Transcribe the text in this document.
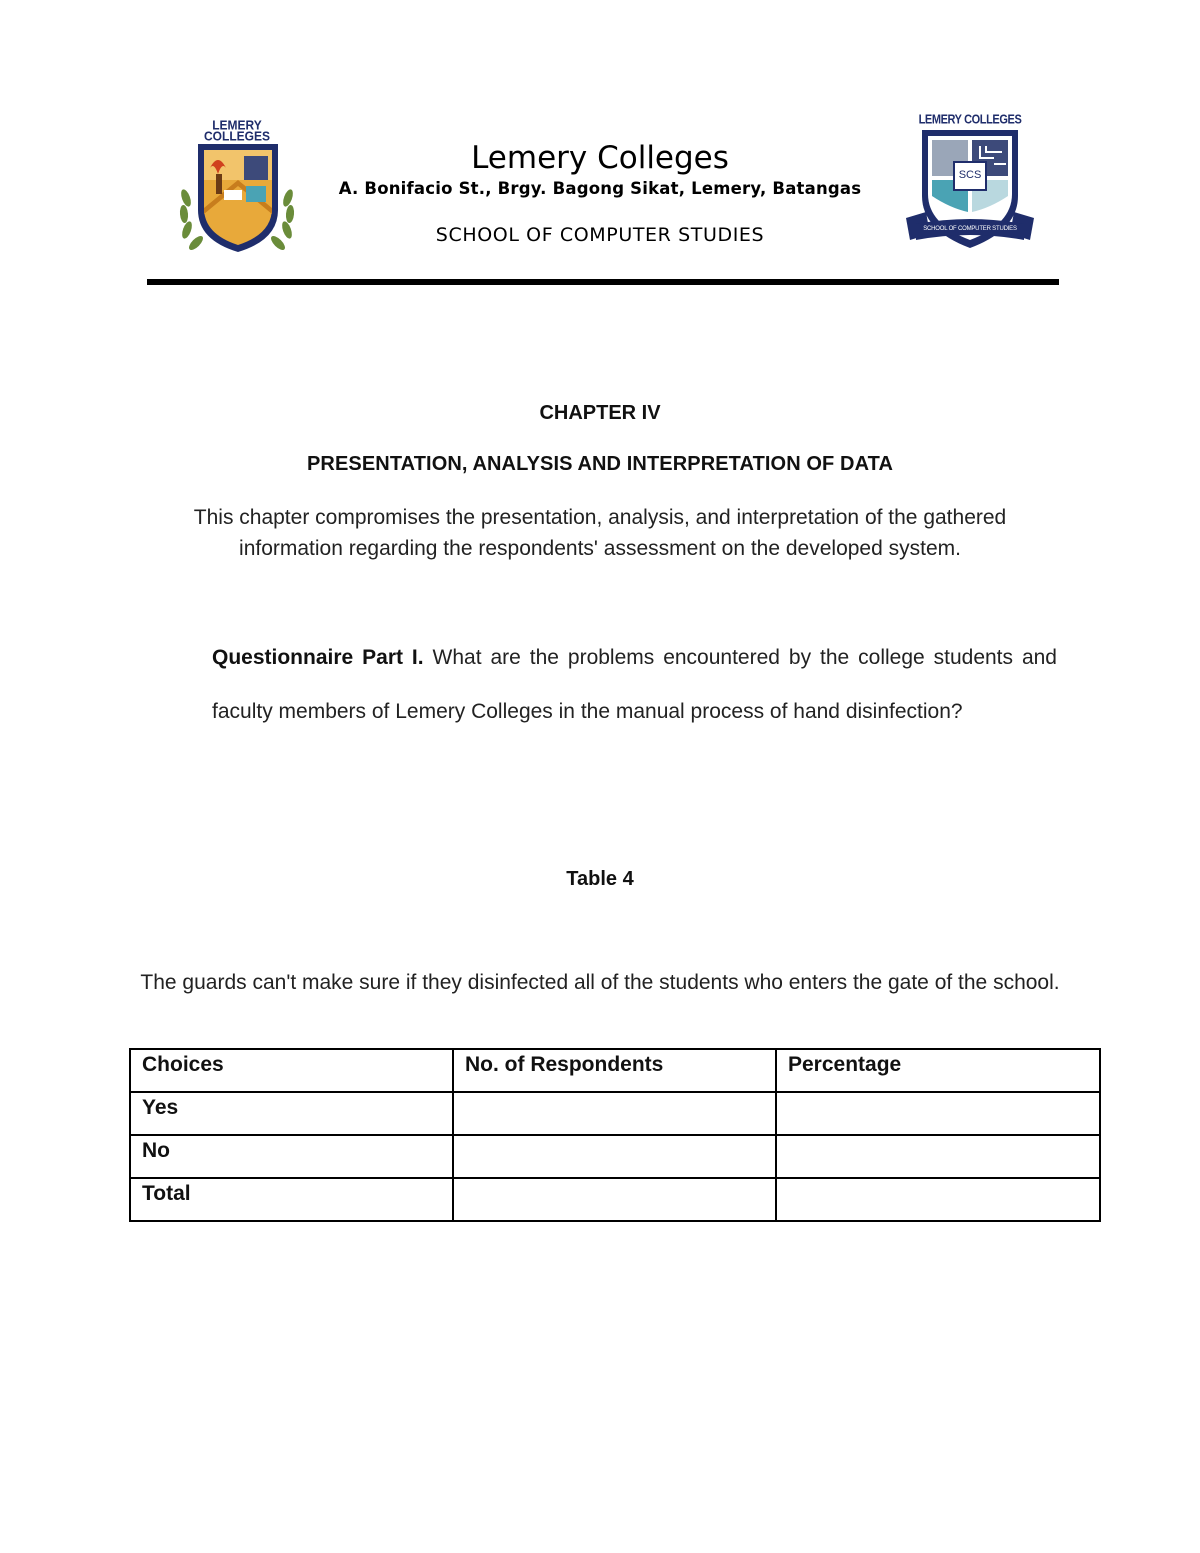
LEMERY
COLLEGES
Lemery Colleges
A. Bonifacio St., Brgy. Bagong Sikat, Lemery, Batangas
SCHOOL OF COMPUTER STUDIES
LEMERY COLLEGES
SCS
SCHOOL OF COMPUTER STUDIES
CHAPTER IV
PRESENTATION, ANALYSIS AND INTERPRETATION OF DATA
This chapter compromises the presentation, analysis, and interpretation of the gathered information regarding the respondents' assessment on the developed system.
Questionnaire Part I. What are the problems encountered by the college students and faculty members of Lemery Colleges in the manual process of hand disinfection?
Table 4
The guards can't make sure if they disinfected all of the students who enters the gate of the school.
Choices	No. of Respondents	Percentage
Yes		
No		
Total		
